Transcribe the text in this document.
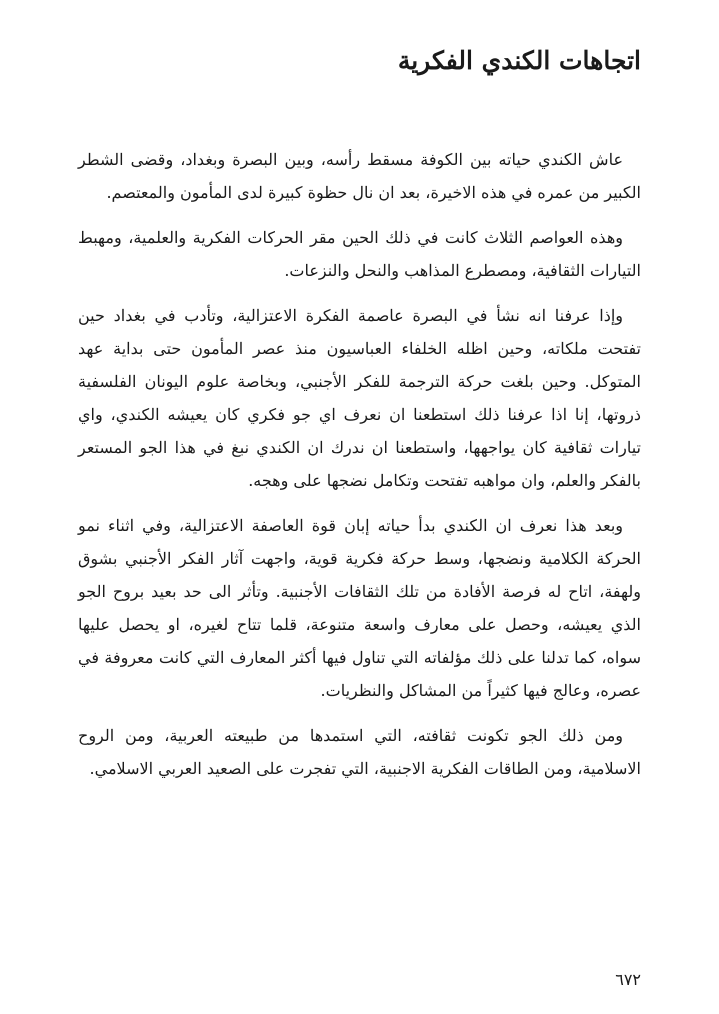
اتجاهات الكندي الفكرية

عاش الكندي حياته بين الكوفة مسقط رأسه، وبين البصرة وبغداد، وقضى الشطر الكبير من عمره في هذه الاخيرة، بعد ان نال حظوة كبيرة لدى المأمون والمعتصم.

وهذه العواصم الثلاث كانت في ذلك الحين مقر الحركات الفكرية والعلمية، ومهبط التيارات الثقافية، ومصطرع المذاهب والنحل والنزعات.

وإذا عرفنا انه نشأ في البصرة عاصمة الفكرة الاعتزالية، وتأدب في بغداد حين تفتحت ملكاته، وحين اظله الخلفاء العباسيون منذ عصر المأمون حتى بداية عهد المتوكل. وحين بلغت حركة الترجمة للفكر الأجنبي، وبخاصة علوم اليونان الفلسفية ذروتها، إنا اذا عرفنا ذلك استطعنا ان نعرف اي جو فكري كان يعيشه الكندي، واي تيارات ثقافية كان يواجهها، واستطعنا ان ندرك ان الكندي نبغ في هذا الجو المستعر بالفكر والعلم، وان مواهبه تفتحت وتكامل نضجها على وهجه.

وبعد هذا نعرف ان الكندي بدأ حياته إبان قوة العاصفة الاعتزالية، وفي اثناء نمو الحركة الكلامية ونضجها، وسط حركة فكرية قوية، واجهت آثار الفكر الأجنبي بشوق ولهفة، اتاح له فرصة الأفادة من تلك الثقافات الأجنبية. وتأثر الى حد بعيد بروح الجو الذي يعيشه، وحصل على معارف واسعة متنوعة، قلما تتاح لغيره، او يحصل عليها سواه، كما تدلنا على ذلك مؤلفاته التي تناول فيها أكثر المعارف التي كانت معروفة في عصره، وعالج فيها كثيراً من المشاكل والنظريات.

ومن ذلك الجو تكونت ثقافته، التي استمدها من طبيعته العربية، ومن الروح الاسلامية، ومن الطاقات الفكرية الاجنبية، التي تفجرت على الصعيد العربي الاسلامي.

٦٧٢
